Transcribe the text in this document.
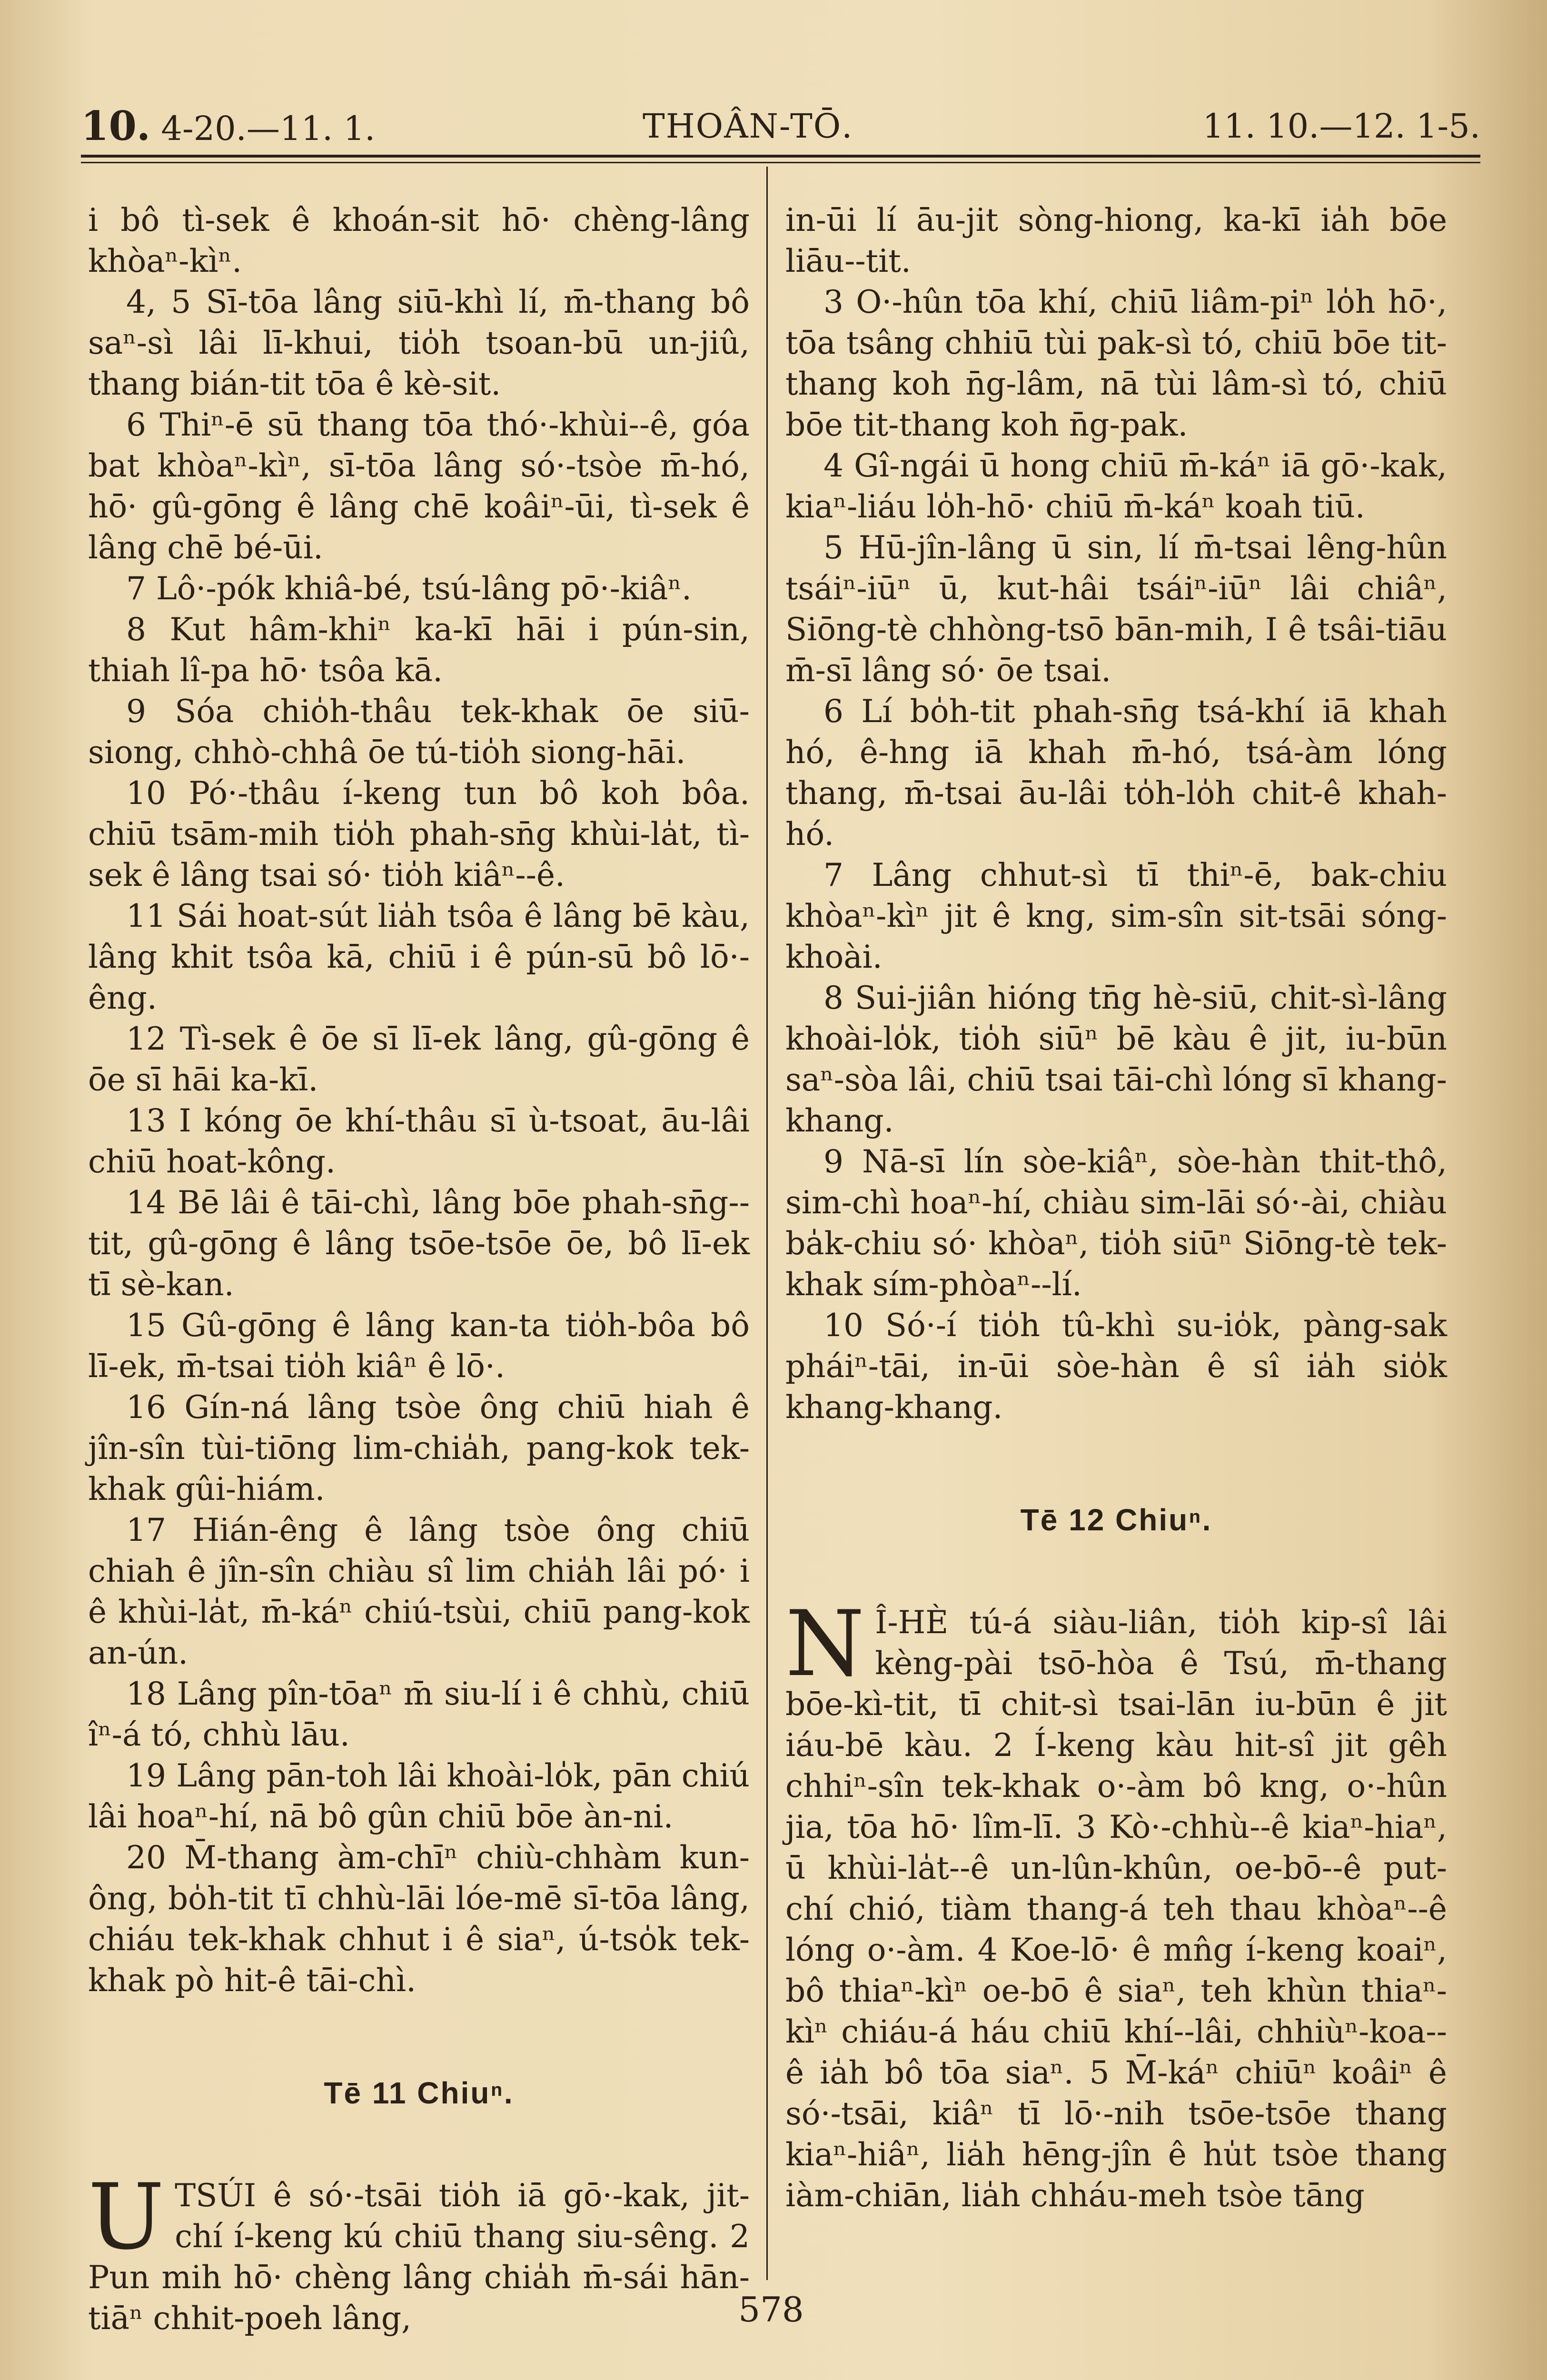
10. 4-20.—11. 1.	THOÂN-TŌ.	11. 10.—12. 1-5.

i bô tì-sek ê khoán-sit hō· chèng-lâng khòaⁿ-kìⁿ.

4, 5 Sī-tōa lâng siū-khì lí, m̄-thang bô saⁿ-sì lâi lī-khui, tio̍h tsoan-bū un-jiû, thang bián-tit tōa ê kè-sit.

6 Thiⁿ-ē sū thang tōa thó·-khùi--ê, góa bat khòaⁿ-kìⁿ, sī-tōa lâng só·-tsòe m̄-hó, hō· gû-gōng ê lâng chē koâiⁿ-ūi, tì-sek ê lâng chē bé-ūi.

7 Lô·-pók khiâ-bé, tsú-lâng pō·-kiâⁿ.

8 Kut hâm-khiⁿ ka-kī hāi i pún-sin, thiah lî-pa hō· tsôa kā.

9 Sóa chio̍h-thâu tek-khak ōe siū-siong, chhò-chhâ ōe tú-tio̍h siong-hāi.

10 Pó·-thâu í-keng tun bô koh bôa. chiū tsām-mih tio̍h phah-sn̄g khùi-la̍t, tì-sek ê lâng tsai só· tio̍h kiâⁿ--ê.

11 Sái hoat-sút lia̍h tsôa ê lâng bē kàu, lâng khit tsôa kā, chiū i ê pún-sū bô lō·-êng.

12 Tì-sek ê ōe sī lī-ek lâng, gû-gōng ê ōe sī hāi ka-kī.

13 I kóng ōe khí-thâu sī ù-tsoat, āu-lâi chiū hoat-kông.

14 Bē lâi ê tāi-chì, lâng bōe phah-sn̄g--tit, gû-gōng ê lâng tsōe-tsōe ōe, bô lī-ek tī sè-kan.

15 Gû-gōng ê lâng kan-ta tio̍h-bôa bô lī-ek, m̄-tsai tio̍h kiâⁿ ê lō·.

16 Gín-ná lâng tsòe ông chiū hiah ê jîn-sîn tùi-tiōng lim-chia̍h, pang-kok tek-khak gûi-hiám.

17 Hián-êng ê lâng tsòe ông chiū chiah ê jîn-sîn chiàu sî lim chia̍h lâi pó· i ê khùi-la̍t, m̄-káⁿ chiú-tsùi, chiū pang-kok an-ún.

18 Lâng pîn-tōaⁿ m̄ siu-lí i ê chhù, chiū îⁿ-á tó, chhù lāu.

19 Lâng pān-toh lâi khoài-lo̍k, pān chiú lâi hoaⁿ-hí, nā bô gûn chiū bōe àn-ni.

20 M̄-thang àm-chīⁿ chiù-chhàm kun-ông, bo̍h-tit tī chhù-lāi lóe-mē sī-tōa lâng, chiáu tek-khak chhut i ê siaⁿ, ú-tso̍k tek-khak pò hit-ê tāi-chì.

Tē 11 Chiuⁿ.

UTSÚI ê só·-tsāi tio̍h iā gō·-kak, jit-chí í-keng kú chiū thang siu-sêng. 2 Pun mih hō· chèng lâng chia̍h m̄-sái hān-tiāⁿ chhit-poeh lâng,

in-ūi lí āu-jit sòng-hiong, ka-kī ia̍h bōe liāu--tit.

3 O·-hûn tōa khí, chiū liâm-piⁿ lo̍h hō·, tōa tsâng chhiū tùi pak-sì tó, chiū bōe tit-thang koh n̄g-lâm, nā tùi lâm-sì tó, chiū bōe tit-thang koh n̄g-pak.

4 Gî-ngái ū hong chiū m̄-káⁿ iā gō·-kak, kiaⁿ-liáu lo̍h-hō· chiū m̄-káⁿ koah tiū.

5 Hū-jîn-lâng ū sin, lí m̄-tsai lêng-hûn tsáiⁿ-iūⁿ ū, kut-hâi tsáiⁿ-iūⁿ lâi chiâⁿ, Siōng-tè chhòng-tsō bān-mih, I ê tsâi-tiāu m̄-sī lâng só· ōe tsai.

6 Lí bo̍h-tit phah-sn̄g tsá-khí iā khah hó, ê-hng iā khah m̄-hó, tsá-àm lóng thang, m̄-tsai āu-lâi to̍h-lo̍h chit-ê khah-hó.

7 Lâng chhut-sì tī thiⁿ-ē, bak-chiu khòaⁿ-kìⁿ jit ê kng, sim-sîn sit-tsāi sóng-khoài.

8 Sui-jiân hióng tn̄g hè-siū, chit-sì-lâng khoài-lo̍k, tio̍h siūⁿ bē kàu ê jit, iu-būn saⁿ-sòa lâi, chiū tsai tāi-chì lóng sī khang-khang.

9 Nā-sī lín sòe-kiâⁿ, sòe-hàn thit-thô, sim-chì hoaⁿ-hí, chiàu sim-lāi só·-ài, chiàu ba̍k-chiu só· khòaⁿ, tio̍h siūⁿ Siōng-tè tek-khak sím-phòaⁿ--lí.

10 Só·-í tio̍h tû-khì su-io̍k, pàng-sak pháiⁿ-tāi, in-ūi sòe-hàn ê sî ia̍h sio̍k khang-khang.

Tē 12 Chiuⁿ.

N Î-HÈ tú-á siàu-liân, tio̍h kip-sî lâi kèng-pài tsō-hòa ê Tsú, m̄-thang bōe-kì-tit, tī chit-sì tsai-lān iu-būn ê jit iáu-bē kàu. 2 Í-keng kàu hit-sî jit gêh chhiⁿ-sîn tek-khak o·-àm bô kng, o·-hûn jia, tōa hō· lîm-lī. 3 Kò·-chhù--ê kiaⁿ-hiaⁿ, ū khùi-la̍t--ê un-lûn-khûn, oe-bō--ê put-chí chió, tiàm thang-á teh thau khòaⁿ--ê lóng o·-àm. 4 Koe-lō· ê mn̂g í-keng koaiⁿ, bô thiaⁿ-kìⁿ oe-bō ê siaⁿ, teh khùn thiaⁿ-kìⁿ chiáu-á háu chiū khí--lâi, chhiùⁿ-koa--ê ia̍h bô tōa siaⁿ. 5 M̄-káⁿ chiūⁿ koâiⁿ ê só·-tsāi, kiâⁿ tī lō·-nih tsōe-tsōe thang kiaⁿ-hiâⁿ, lia̍h hēng-jîn ê hu̍t tsòe thang iàm-chiān, lia̍h chháu-meh tsòe tāng

578
